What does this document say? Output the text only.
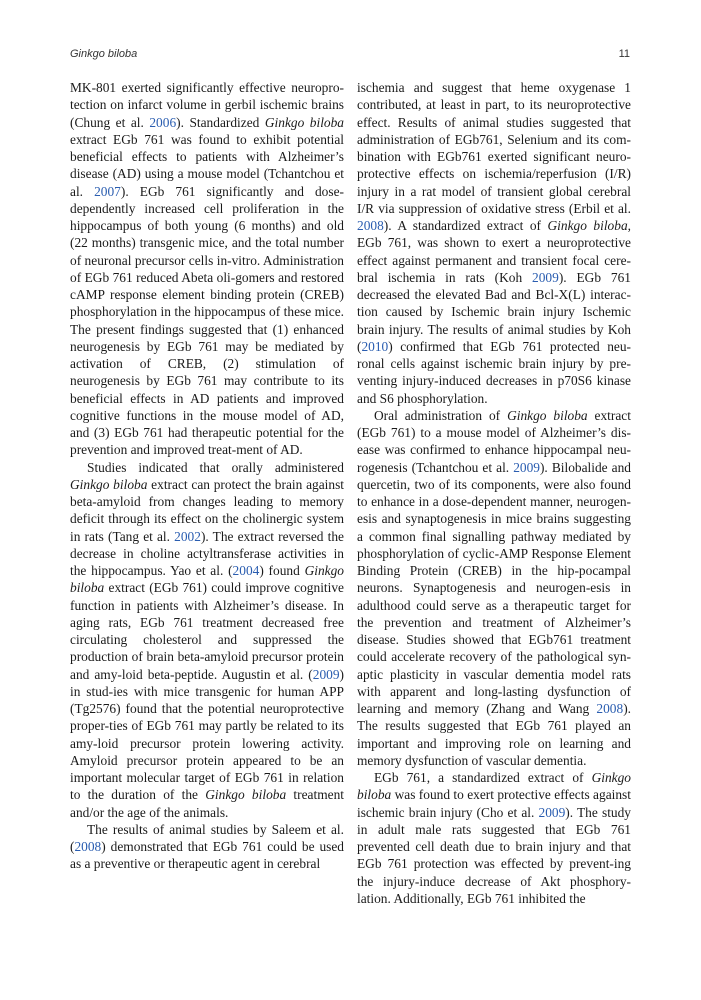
Ginkgo biloba	11

MK-801 exerted significantly effective neuropro-tection on infarct volume in gerbil ischemic brains (Chung et al. 2006). Standardized Ginkgo biloba extract EGb 761 was found to exhibit potential beneficial effects to patients with Alzheimer’s disease (AD) using a mouse model (Tchantchou et al. 2007). EGb 761 significantly and dose-dependently increased cell proliferation in the hippocampus of both young (6 months) and old (22 months) transgenic mice, and the total number of neuronal precursor cells in-vitro. Administration of EGb 761 reduced Abeta oli-gomers and restored cAMP response element binding protein (CREB) phosphorylation in the hippocampus of these mice. The present findings suggested that (1) enhanced neurogenesis by EGb 761 may be mediated by activation of CREB, (2) stimulation of neurogenesis by EGb 761 may contribute to its beneficial effects in AD patients and improved cognitive functions in the mouse model of AD, and (3) EGb 761 had therapeutic potential for the prevention and improved treat-ment of AD.

Studies indicated that orally administered Ginkgo biloba extract can protect the brain against beta-amyloid from changes leading to memory deficit through its effect on the cholinergic system in rats (Tang et al. 2002). The extract reversed the decrease in choline actyltransferase activities in the hippocampus. Yao et al. (2004) found Ginkgo biloba extract (EGb 761) could improve cognitive function in patients with Alzheimer’s disease. In aging rats, EGb 761 treatment decreased free circulating cholesterol and suppressed the production of brain beta-amyloid precursor protein and amy-loid beta-peptide. Augustin et al. (2009) in stud-ies with mice transgenic for human APP (Tg2576) found that the potential neuroprotective proper-ties of EGb 761 may partly be related to its amy-loid precursor protein lowering activity. Amyloid precursor protein appeared to be an important molecular target of EGb 761 in relation to the duration of the Ginkgo biloba treatment and/or the age of the animals.

The results of animal studies by Saleem et al. (2008) demonstrated that EGb 761 could be used as a preventive or therapeutic agent in cerebral

ischemia and suggest that heme oxygenase 1 contributed, at least in part, to its neuroprotective effect. Results of animal studies suggested that administration of EGb761, Selenium and its com-bination with EGb761 exerted significant neuro-protective effects on ischemia/reperfusion (I/R) injury in a rat model of transient global cerebral I/R via suppression of oxidative stress (Erbil et al. 2008). A standardized extract of Ginkgo biloba, EGb 761, was shown to exert a neuroprotective effect against permanent and transient focal cere-bral ischemia in rats (Koh 2009). EGb 761 decreased the elevated Bad and Bcl-X(L) interac-tion caused by Ischemic brain injury Ischemic brain injury. The results of animal studies by Koh (2010) confirmed that EGb 761 protected neu-ronal cells against ischemic brain injury by pre-venting injury-induced decreases in p70S6 kinase and S6 phosphorylation.

Oral administration of Ginkgo biloba extract (EGb 761) to a mouse model of Alzheimer’s dis-ease was confirmed to enhance hippocampal neu-rogenesis (Tchantchou et al. 2009). Bilobalide and quercetin, two of its components, were also found to enhance in a dose-dependent manner, neurogen-esis and synaptogenesis in mice brains suggesting a common final signalling pathway mediated by phosphorylation of cyclic-AMP Response Element Binding Protein (CREB) in the hip-pocampal neurons. Synaptogenesis and neurogen-esis in adulthood could serve as a therapeutic target for the prevention and treatment of Alzheimer’s disease. Studies showed that EGb761 treatment could accelerate recovery of the pathological syn-aptic plasticity in vascular dementia model rats with apparent and long-lasting dysfunction of learning and memory (Zhang and Wang 2008). The results suggested that EGb 761 played an important and improving role on learning and memory dysfunction of vascular dementia.

EGb 761, a standardized extract of Ginkgo biloba was found to exert protective effects against ischemic brain injury (Cho et al. 2009). The study in adult male rats suggested that EGb 761 prevented cell death due to brain injury and that EGb 761 protection was effected by prevent-ing the injury-induce decrease of Akt phosphory-lation. Additionally, EGb 761 inhibited the
